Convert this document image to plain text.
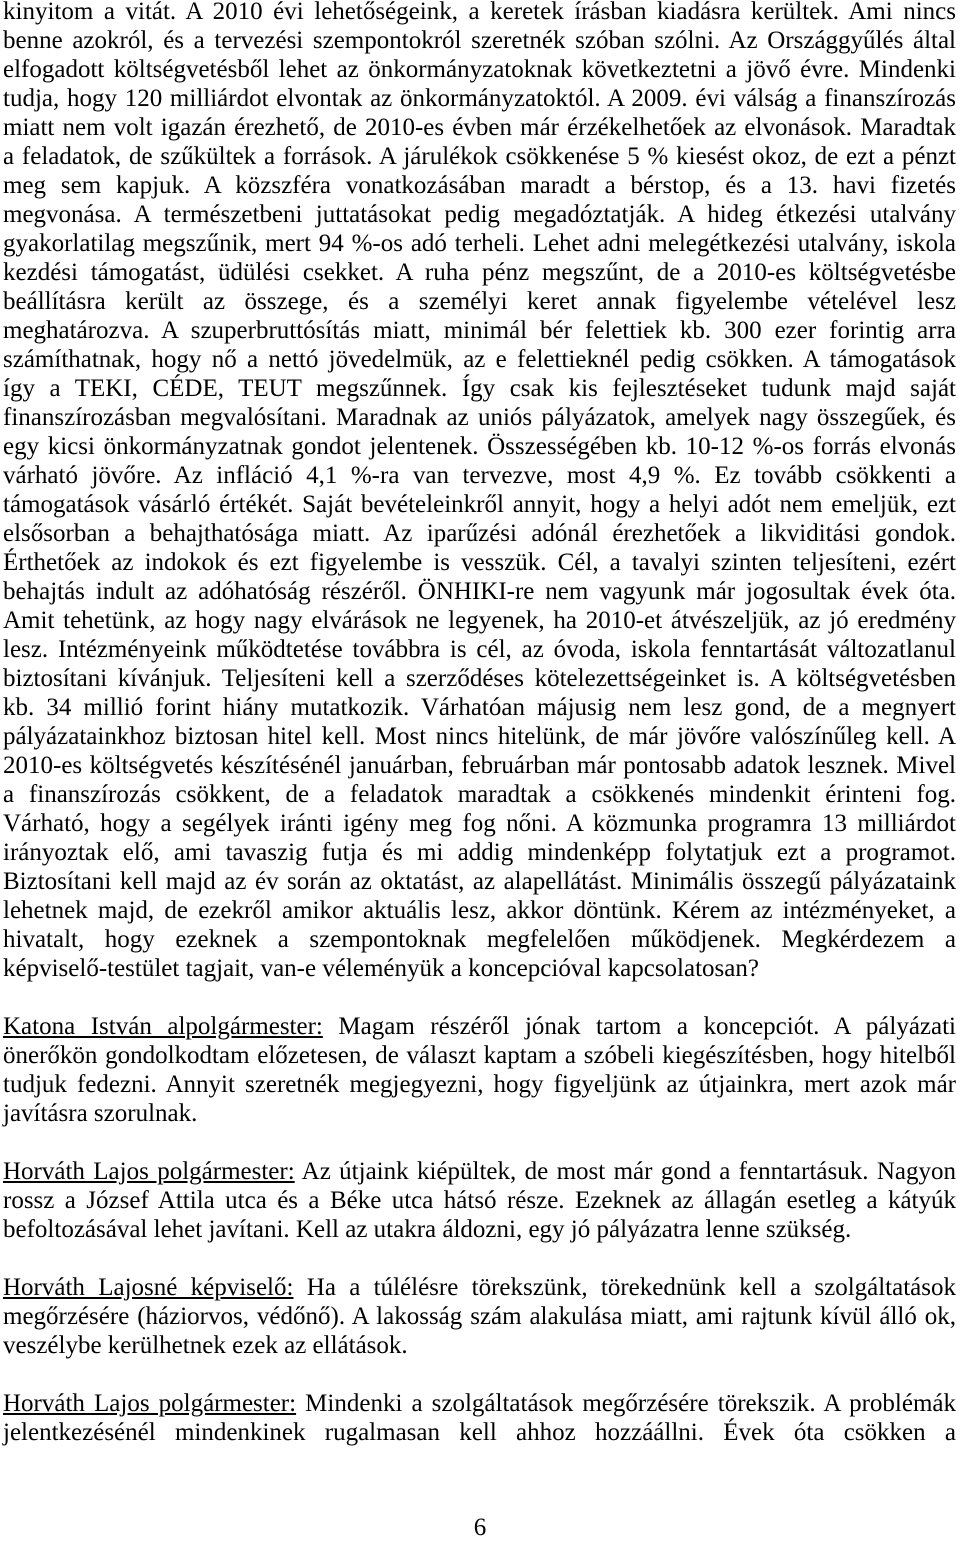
kinyitom a vitát. A 2010 évi lehetőségeink, a keretek írásban kiadásra kerültek. Ami nincs
benne azokról, és a tervezési szempontokról szeretnék szóban szólni. Az Országgyűlés által
elfogadott költségvetésből lehet az önkormányzatoknak következtetni a jövő évre. Mindenki
tudja, hogy 120 milliárdot elvontak az önkormányzatoktól. A 2009. évi válság a finanszírozás
miatt nem volt igazán érezhető, de 2010-es évben már érzékelhetőek az elvonások. Maradtak
a feladatok, de szűkültek a források. A járulékok csökkenése 5 % kiesést okoz, de ezt a pénzt
meg sem kapjuk. A közszféra vonatkozásában maradt a bérstop, és a 13. havi fizetés
megvonása. A természetbeni juttatásokat pedig megadóztatják. A hideg étkezési utalvány
gyakorlatilag megszűnik, mert 94 %-os adó terheli. Lehet adni melegétkezési utalvány, iskola
kezdési támogatást, üdülési csekket. A ruha pénz megszűnt, de a 2010-es költségvetésbe
beállításra került az összege, és a személyi keret annak figyelembe vételével lesz
meghatározva. A szuperbruttósítás miatt, minimál bér felettiek kb. 300 ezer forintig arra
számíthatnak, hogy nő a nettó jövedelmük, az e felettieknél pedig csökken. A támogatások
így a TEKI, CÉDE, TEUT megszűnnek. Így csak kis fejlesztéseket tudunk majd saját
finanszírozásban megvalósítani. Maradnak az uniós pályázatok, amelyek nagy összegűek, és
egy kicsi önkormányzatnak gondot jelentenek. Összességében kb. 10-12 %-os forrás elvonás
várható jövőre. Az infláció 4,1 %-ra van tervezve, most 4,9 %. Ez tovább csökkenti a
támogatások vásárló értékét. Saját bevételeinkről annyit, hogy a helyi adót nem emeljük, ezt
elsősorban a behajthatósága miatt. Az iparűzési adónál érezhetőek a likviditási gondok.
Érthetőek az indokok és ezt figyelembe is vesszük. Cél, a tavalyi szinten teljesíteni, ezért
behajtás indult az adóhatóság részéről. ÖNHIKI-re nem vagyunk már jogosultak évek óta.
Amit tehetünk, az hogy nagy elvárások ne legyenek, ha 2010-et átvészeljük, az jó eredmény
lesz. Intézményeink működtetése továbbra is cél, az óvoda, iskola fenntartását változatlanul
biztosítani kívánjuk. Teljesíteni kell a szerződéses kötelezettségeinket is. A költségvetésben
kb. 34 millió forint hiány mutatkozik. Várhatóan májusig nem lesz gond, de a megnyert
pályázatainkhoz biztosan hitel kell. Most nincs hitelünk, de már jövőre valószínűleg kell. A
2010-es költségvetés készítésénél januárban, februárban már pontosabb adatok lesznek. Mivel
a finanszírozás csökkent, de a feladatok maradtak a csökkenés mindenkit érinteni fog.
Várható, hogy a segélyek iránti igény meg fog nőni. A közmunka programra 13 milliárdot
irányoztak elő, ami tavaszig futja és mi addig mindenképp folytatjuk ezt a programot.
Biztosítani kell majd az év során az oktatást, az alapellátást. Minimális összegű pályázataink
lehetnek majd, de ezekről amikor aktuális lesz, akkor döntünk. Kérem az intézményeket, a
hivatalt, hogy ezeknek a szempontoknak megfelelően működjenek. Megkérdezem a
képviselő-testület tagjait, van-e véleményük a koncepcióval kapcsolatosan?
Katona István alpolgármester: Magam részéről jónak tartom a koncepciót. A pályázati
önerőkön gondolkodtam előzetesen, de választ kaptam a szóbeli kiegészítésben, hogy hitelből
tudjuk fedezni. Annyit szeretnék megjegyezni, hogy figyeljünk az útjainkra, mert azok már
javításra szorulnak.
Horváth Lajos polgármester: Az útjaink kiépültek, de most már gond a fenntartásuk. Nagyon
rossz a József Attila utca és a Béke utca hátsó része. Ezeknek az állagán esetleg a kátyúk
befoltozásával lehet javítani. Kell az utakra áldozni, egy jó pályázatra lenne szükség.
Horváth Lajosné képviselő: Ha a túlélésre törekszünk, törekednünk kell a szolgáltatások
megőrzésére (háziorvos, védőnő). A lakosság szám alakulása miatt, ami rajtunk kívül álló ok,
veszélybe kerülhetnek ezek az ellátások.
Horváth Lajos polgármester: Mindenki a szolgáltatások megőrzésére törekszik. A problémák
jelentkezésénél mindenkinek rugalmasan kell ahhoz hozzáállni. Évek óta csökken a
6
